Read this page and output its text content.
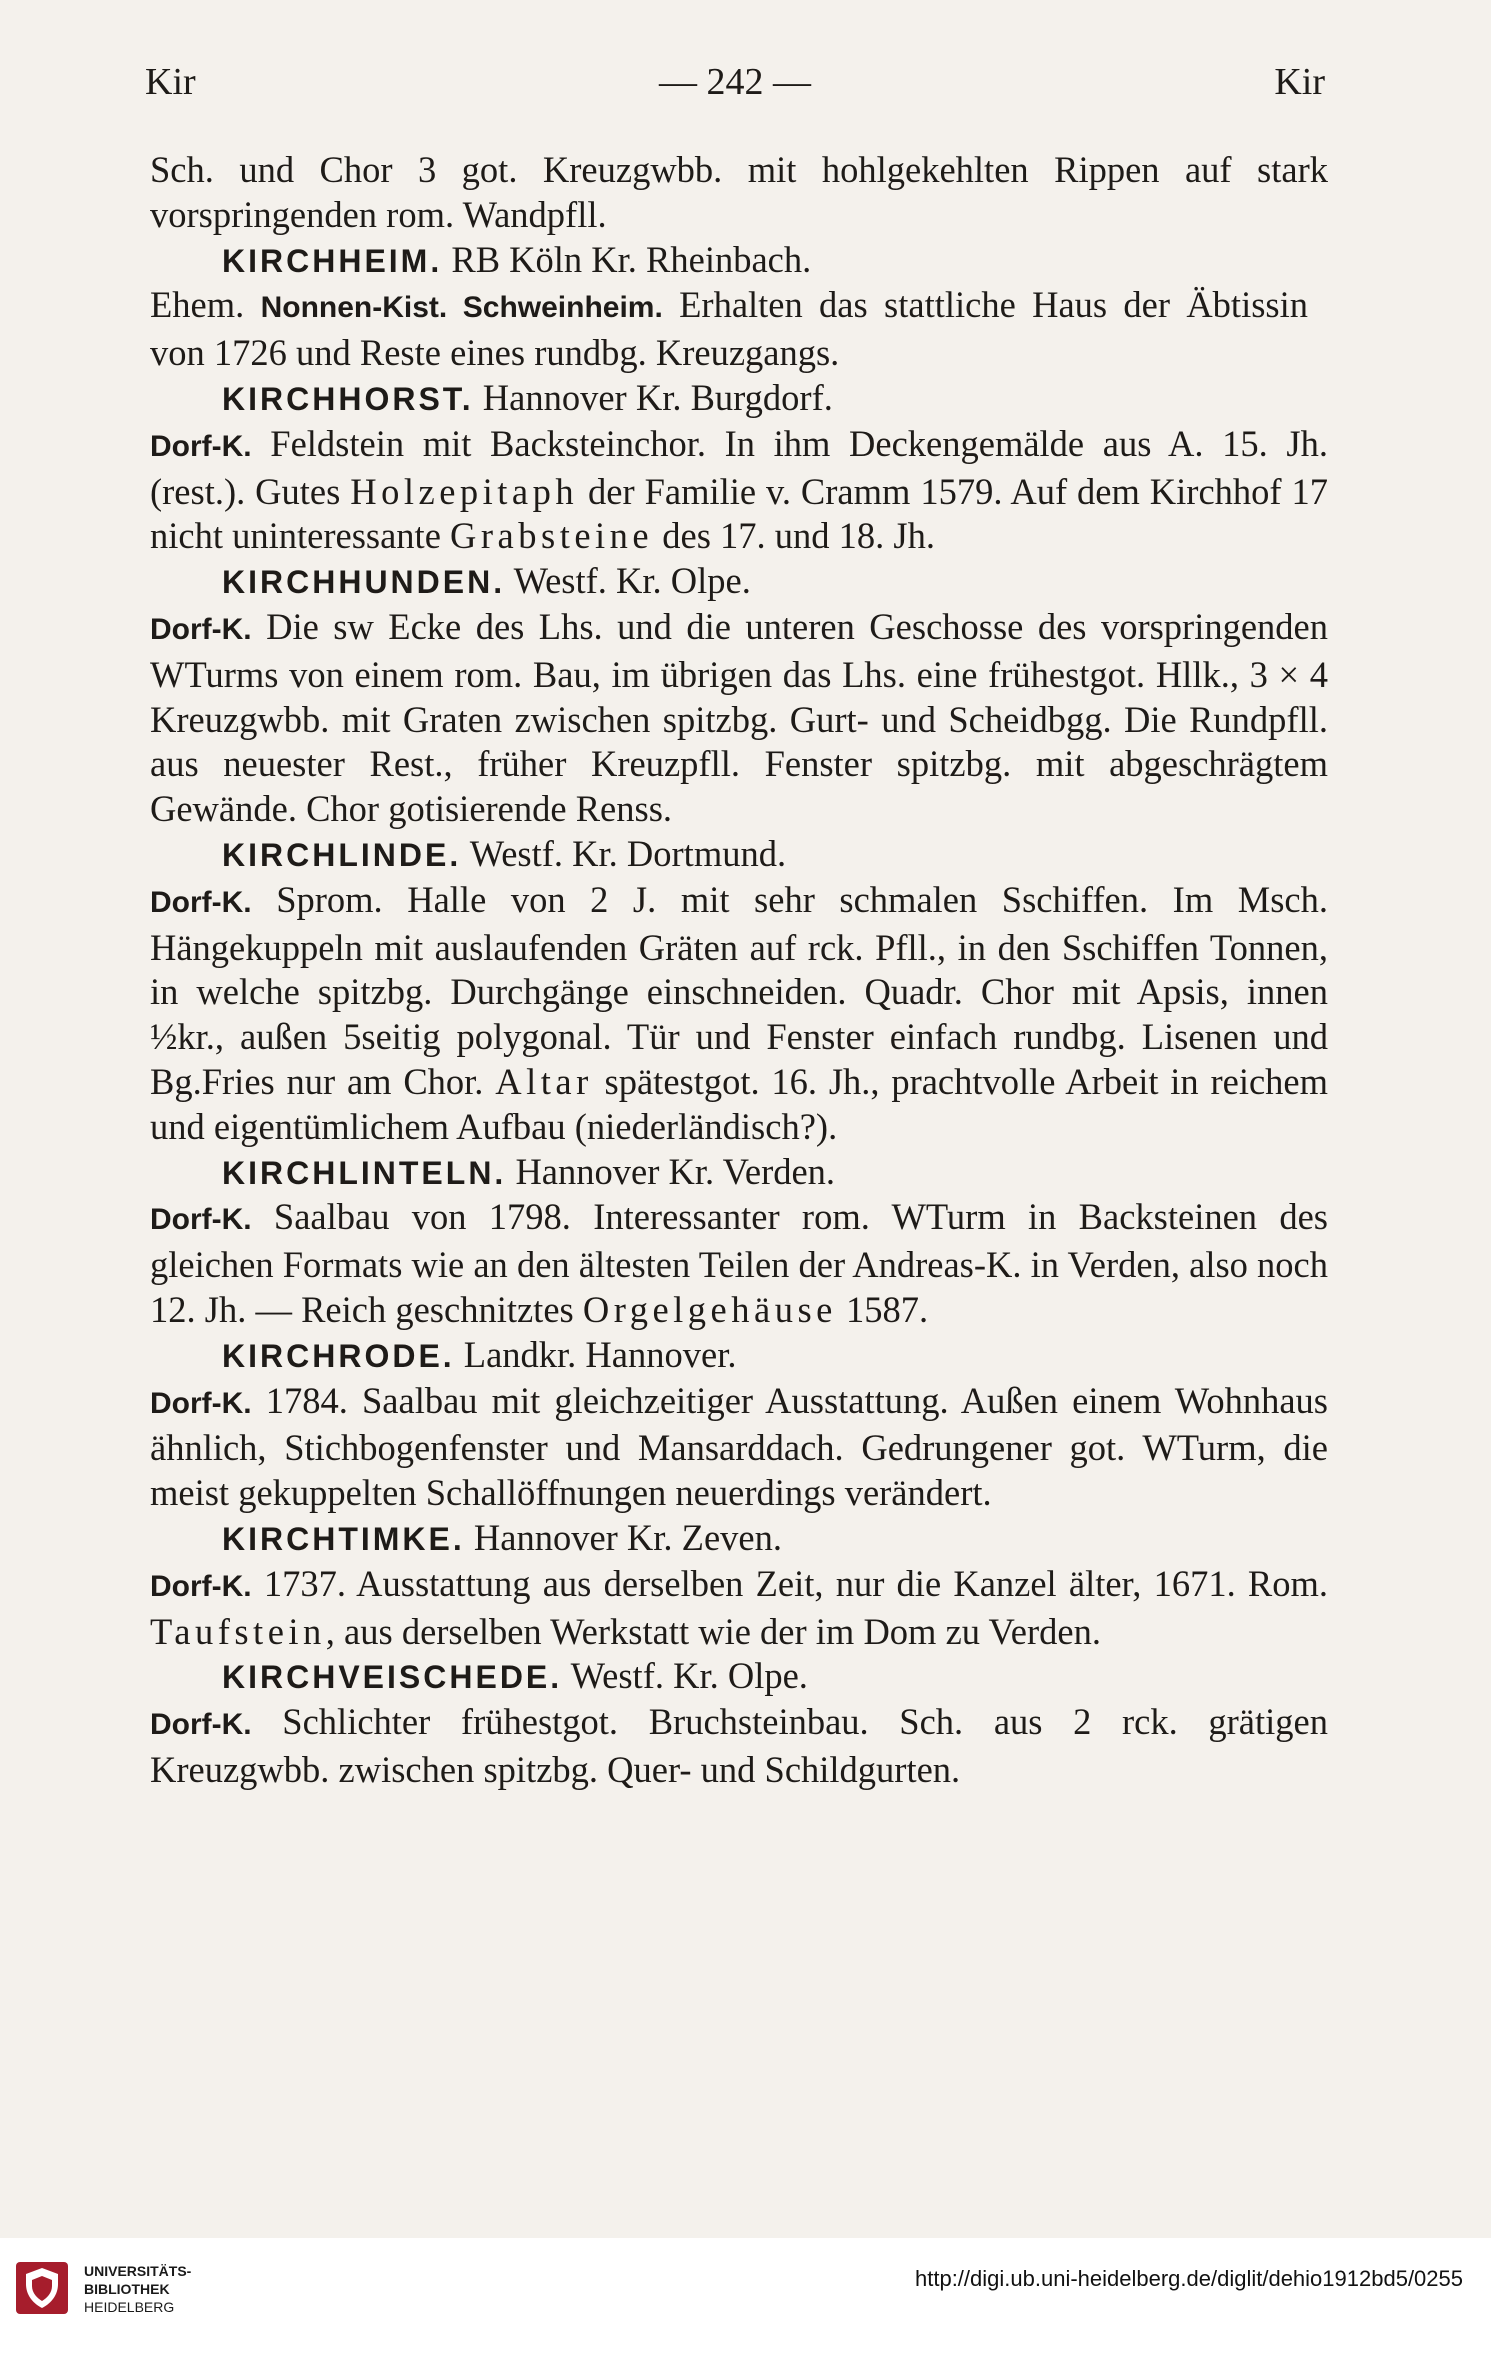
Kir	— 242 —	Kir

Sch. und Chor 3 got. Kreuzgwbb. mit hohlgekehlten Rippen auf stark vorspringenden rom. Wandpfll.

KIRCHHEIM. RB Köln Kr. Rheinbach.

Ehem. Nonnen-Kist. Schweinheim. Erhalten das stattliche Haus der Äbtissin von 1726 und Reste eines rundbg. Kreuzgangs.

KIRCHHORST. Hannover Kr. Burgdorf.

Dorf-K. Feldstein mit Backsteinchor. In ihm Deckengemälde aus A. 15. Jh. (rest.). Gutes Holzepitaph der Familie v. Cramm 1579. Auf dem Kirchhof 17 nicht uninteressante Grabsteine des 17. und 18. Jh.

KIRCHHUNDEN. Westf. Kr. Olpe.

Dorf-K. Die sw Ecke des Lhs. und die unteren Geschosse des vorspringenden WTurms von einem rom. Bau, im übrigen das Lhs. eine frühestgot. Hllk., 3 × 4 Kreuzgwbb. mit Graten zwischen spitzbg. Gurt- und Scheidbgg. Die Rundpfll. aus neuester Rest., früher Kreuzpfll. Fenster spitzbg. mit abgeschrägtem Gewände. Chor gotisierende Renss.

KIRCHLINDE. Westf. Kr. Dortmund.

Dorf-K. Sprom. Halle von 2 J. mit sehr schmalen Sschiffen. Im Msch. Hängekuppeln mit auslaufenden Gräten auf rck. Pfll., in den Sschiffen Tonnen, in welche spitzbg. Durchgänge einschneiden. Quadr. Chor mit Apsis, innen ½kr., außen 5seitig polygonal. Tür und Fenster einfach rundbg. Lisenen und Bg.Fries nur am Chor. Altar spätestgot. 16. Jh., prachtvolle Arbeit in reichem und eigentümlichem Aufbau (niederländisch?).

KIRCHLINTELN. Hannover Kr. Verden.

Dorf-K. Saalbau von 1798. Interessanter rom. WTurm in Backsteinen des gleichen Formats wie an den ältesten Teilen der Andreas-K. in Verden, also noch 12. Jh. — Reich geschnitztes Orgelgehäuse 1587.

KIRCHRODE. Landkr. Hannover.

Dorf-K. 1784. Saalbau mit gleichzeitiger Ausstattung. Außen einem Wohnhaus ähnlich, Stichbogenfenster und Mansarddach. Gedrungener got. WTurm, die meist gekuppelten Schallöffnungen neuerdings verändert.

KIRCHTIMKE. Hannover Kr. Zeven.

Dorf-K. 1737. Ausstattung aus derselben Zeit, nur die Kanzel älter, 1671. Rom. Taufstein, aus derselben Werkstatt wie der im Dom zu Verden.

KIRCHVEISCHEDE. Westf. Kr. Olpe.

Dorf-K. Schlichter frühestgot. Bruchsteinbau. Sch. aus 2 rck. grätigen Kreuzgwbb. zwischen spitzbg. Quer- und Schildgurten.

UNIVERSITÄTS-
BIBLIOTHEK
HEIDELBERG
http://digi.ub.uni-heidelberg.de/diglit/dehio1912bd5/0255
